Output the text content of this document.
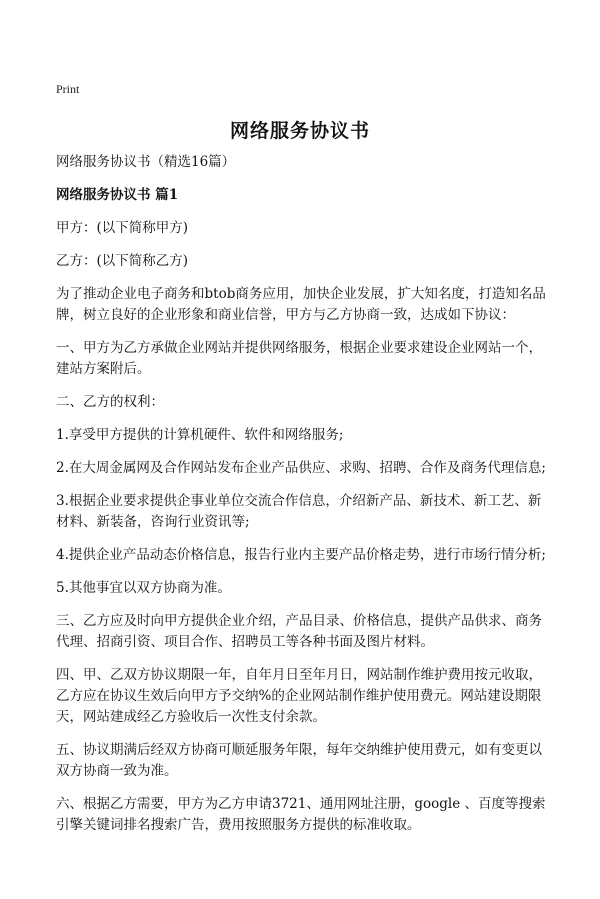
Print
网络服务协议书

网络服务协议书（精选16篇）

网络服务协议书 篇1

甲方：(以下简称甲方)

乙方：(以下简称乙方)

为了推动企业电子商务和btob商务应用，加快企业发展，扩大知名度，打造知名品牌，树立良好的企业形象和商业信誉，甲方与乙方协商一致，达成如下协议：

一、甲方为乙方承做企业网站并提供网络服务，根据企业要求建设企业网站一个，建站方案附后。

二、乙方的权利：

1.享受甲方提供的计算机硬件、软件和网络服务;

2.在大周金属网及合作网站发布企业产品供应、求购、招聘、合作及商务代理信息;

3.根据企业要求提供企事业单位交流合作信息，介绍新产品、新技术、新工艺、新材料、新装备，咨询行业资讯等;

4.提供企业产品动态价格信息，报告行业内主要产品价格走势，进行市场行情分析;

5.其他事宜以双方协商为准。

三、乙方应及时向甲方提供企业介绍，产品目录、价格信息，提供产品供求、商务代理、招商引资、项目合作、招聘员工等各种书面及图片材料。

四、甲、乙双方协议期限一年，自年月日至年月日，网站制作维护费用按元收取，乙方应在协议生效后向甲方予交纳%的企业网站制作维护使用费元。网站建设期限天，网站建成经乙方验收后一次性支付余款。

五、协议期满后经双方协商可顺延服务年限，每年交纳维护使用费元，如有变更以双方协商一致为准。

六、根据乙方需要，甲方为乙方申请3721、通用网址注册，google 、百度等搜索引擎关键词排名搜索广告，费用按照服务方提供的标准收取。
